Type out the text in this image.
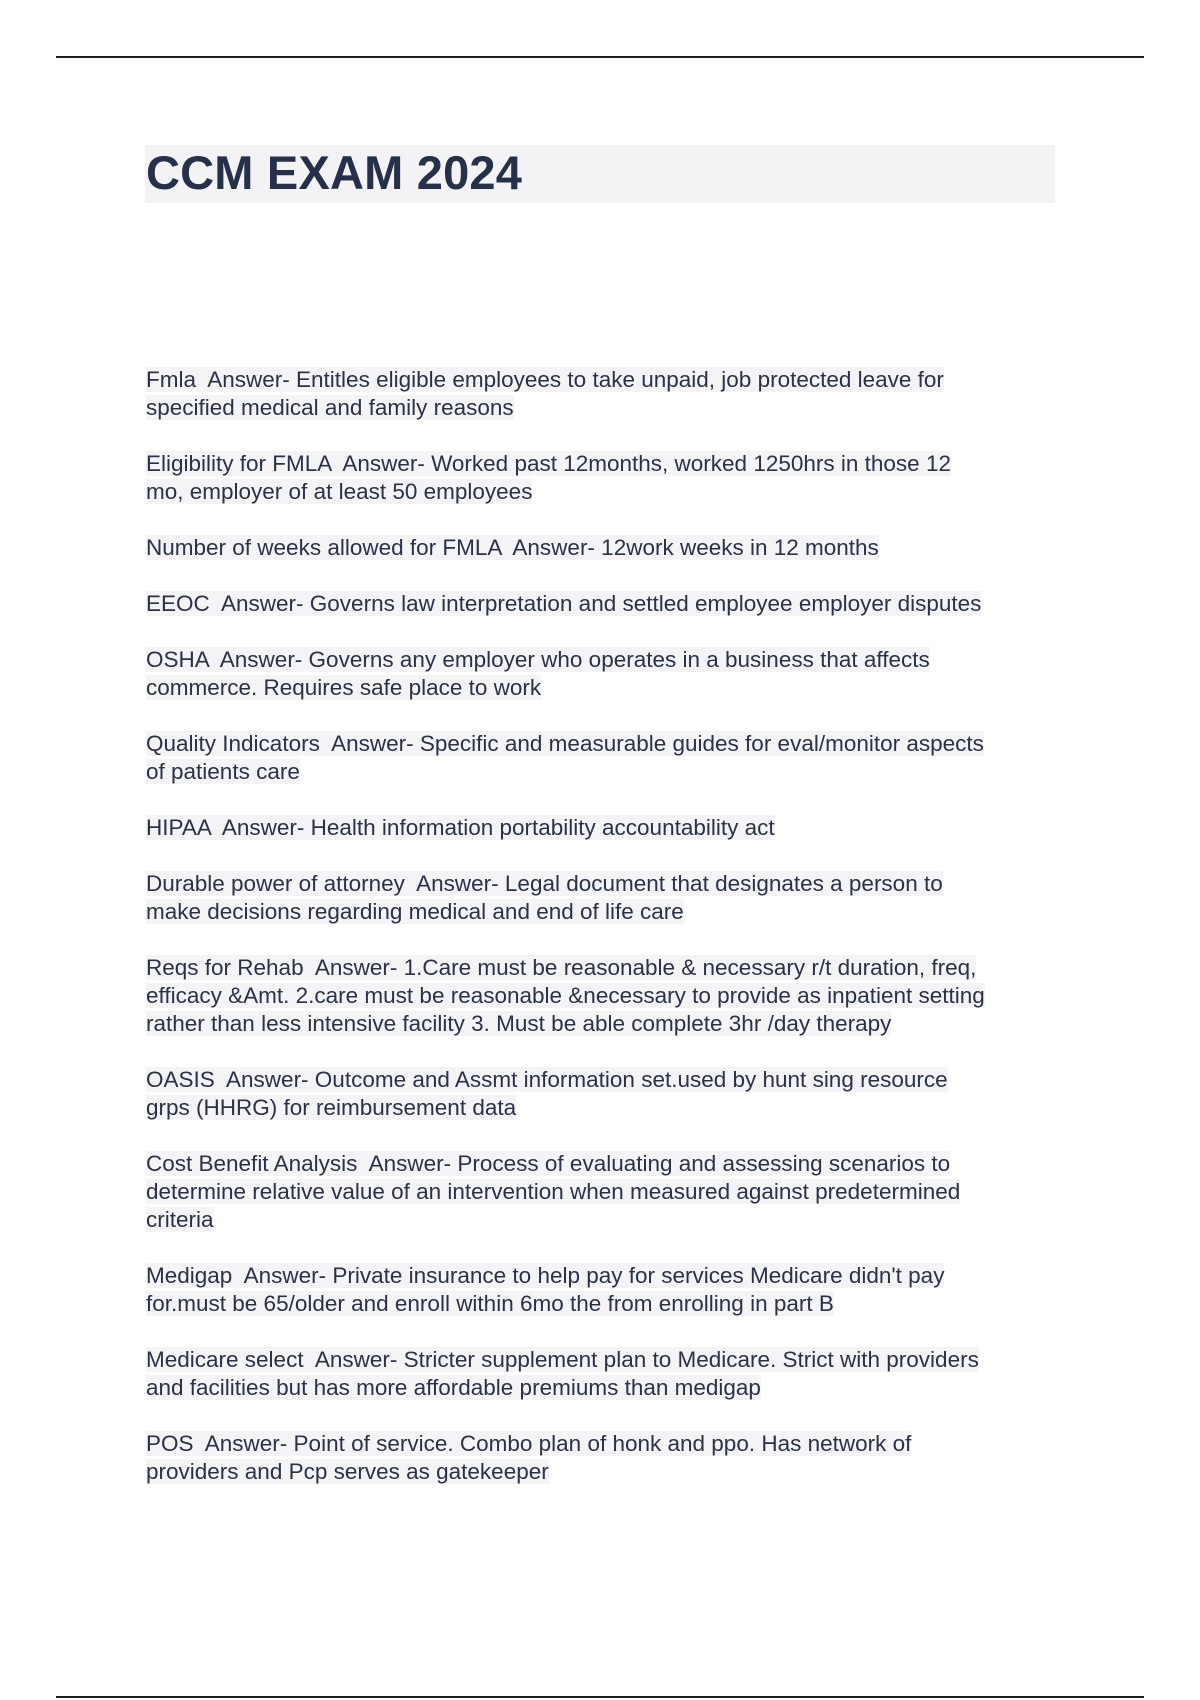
CCM EXAM 2024
Fmla  Answer- Entitles eligible employees to take unpaid, job protected leave for
specified medical and family reasons
Eligibility for FMLA  Answer- Worked past 12months, worked 1250hrs in those 12
mo, employer of at least 50 employees
Number of weeks allowed for FMLA  Answer- 12work weeks in 12 months
EEOC  Answer- Governs law interpretation and settled employee employer disputes
OSHA  Answer- Governs any employer who operates in a business that affects
commerce. Requires safe place to work
Quality Indicators  Answer- Specific and measurable guides for eval/monitor aspects
of patients care
HIPAA  Answer- Health information portability accountability act
Durable power of attorney  Answer- Legal document that designates a person to
make decisions regarding medical and end of life care
Reqs for Rehab  Answer- 1.Care must be reasonable & necessary r/t duration, freq,
efficacy &Amt. 2.care must be reasonable &necessary to provide as inpatient setting
rather than less intensive facility 3. Must be able complete 3hr /day therapy
OASIS  Answer- Outcome and Assmt information set.used by hunt sing resource
grps (HHRG) for reimbursement data
Cost Benefit Analysis  Answer- Process of evaluating and assessing scenarios to
determine relative value of an intervention when measured against predetermined
criteria
Medigap  Answer- Private insurance to help pay for services Medicare didn't pay
for.must be 65/older and enroll within 6mo the from enrolling in part B
Medicare select  Answer- Stricter supplement plan to Medicare. Strict with providers
and facilities but has more affordable premiums than medigap
POS  Answer- Point of service. Combo plan of honk and ppo. Has network of
providers and Pcp serves as gatekeeper
